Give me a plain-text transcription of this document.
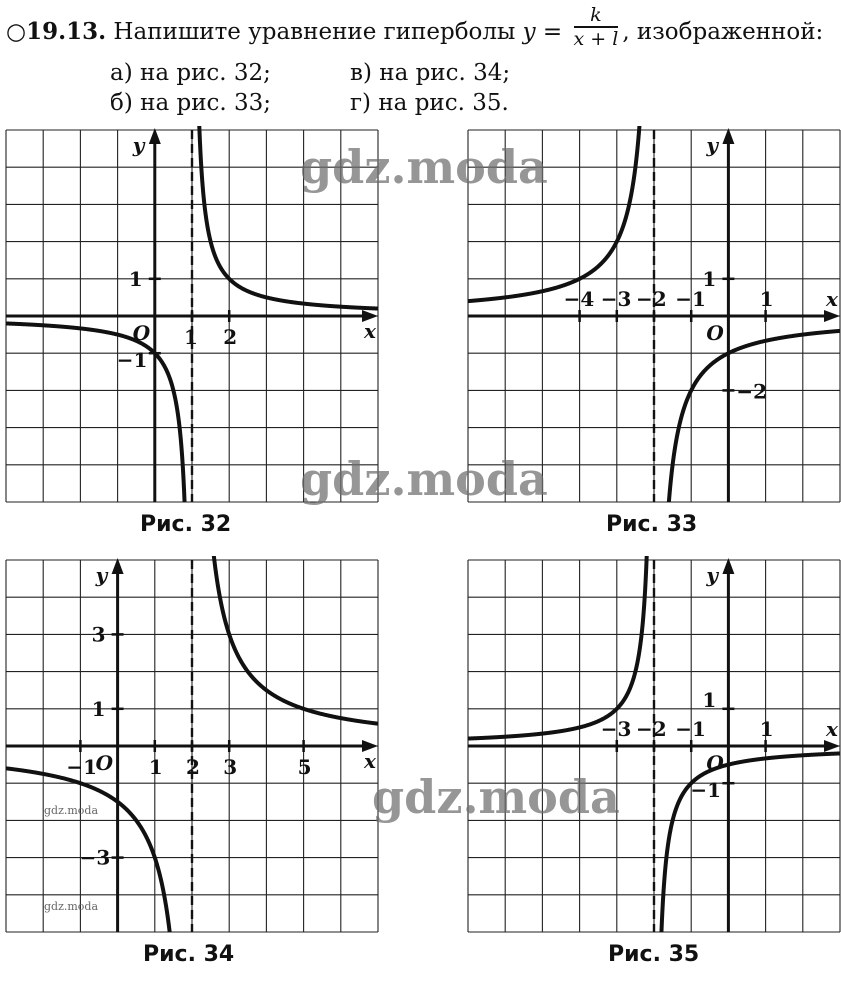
○19.13. Напишите уравнение гиперболы $y = \frac{k}{x + l}$ , изображенной:
а) на рис. 32;	в) на рис. 34;
б) на рис. 33;	г) на рис. 35.
1 2
1
−1
y
x
O
Рис. 32
−4 −3 −2 −1	1
1
−2
y
x
O
Рис. 33
−1	1 2 3	5
3
1
−3
y
x
O
Рис. 34
−3 −2 −1	1
1
−1
y
x
O
Рис. 35
gdz.moda
gdz.moda
gdz.moda
gdz.moda
gdz.moda
